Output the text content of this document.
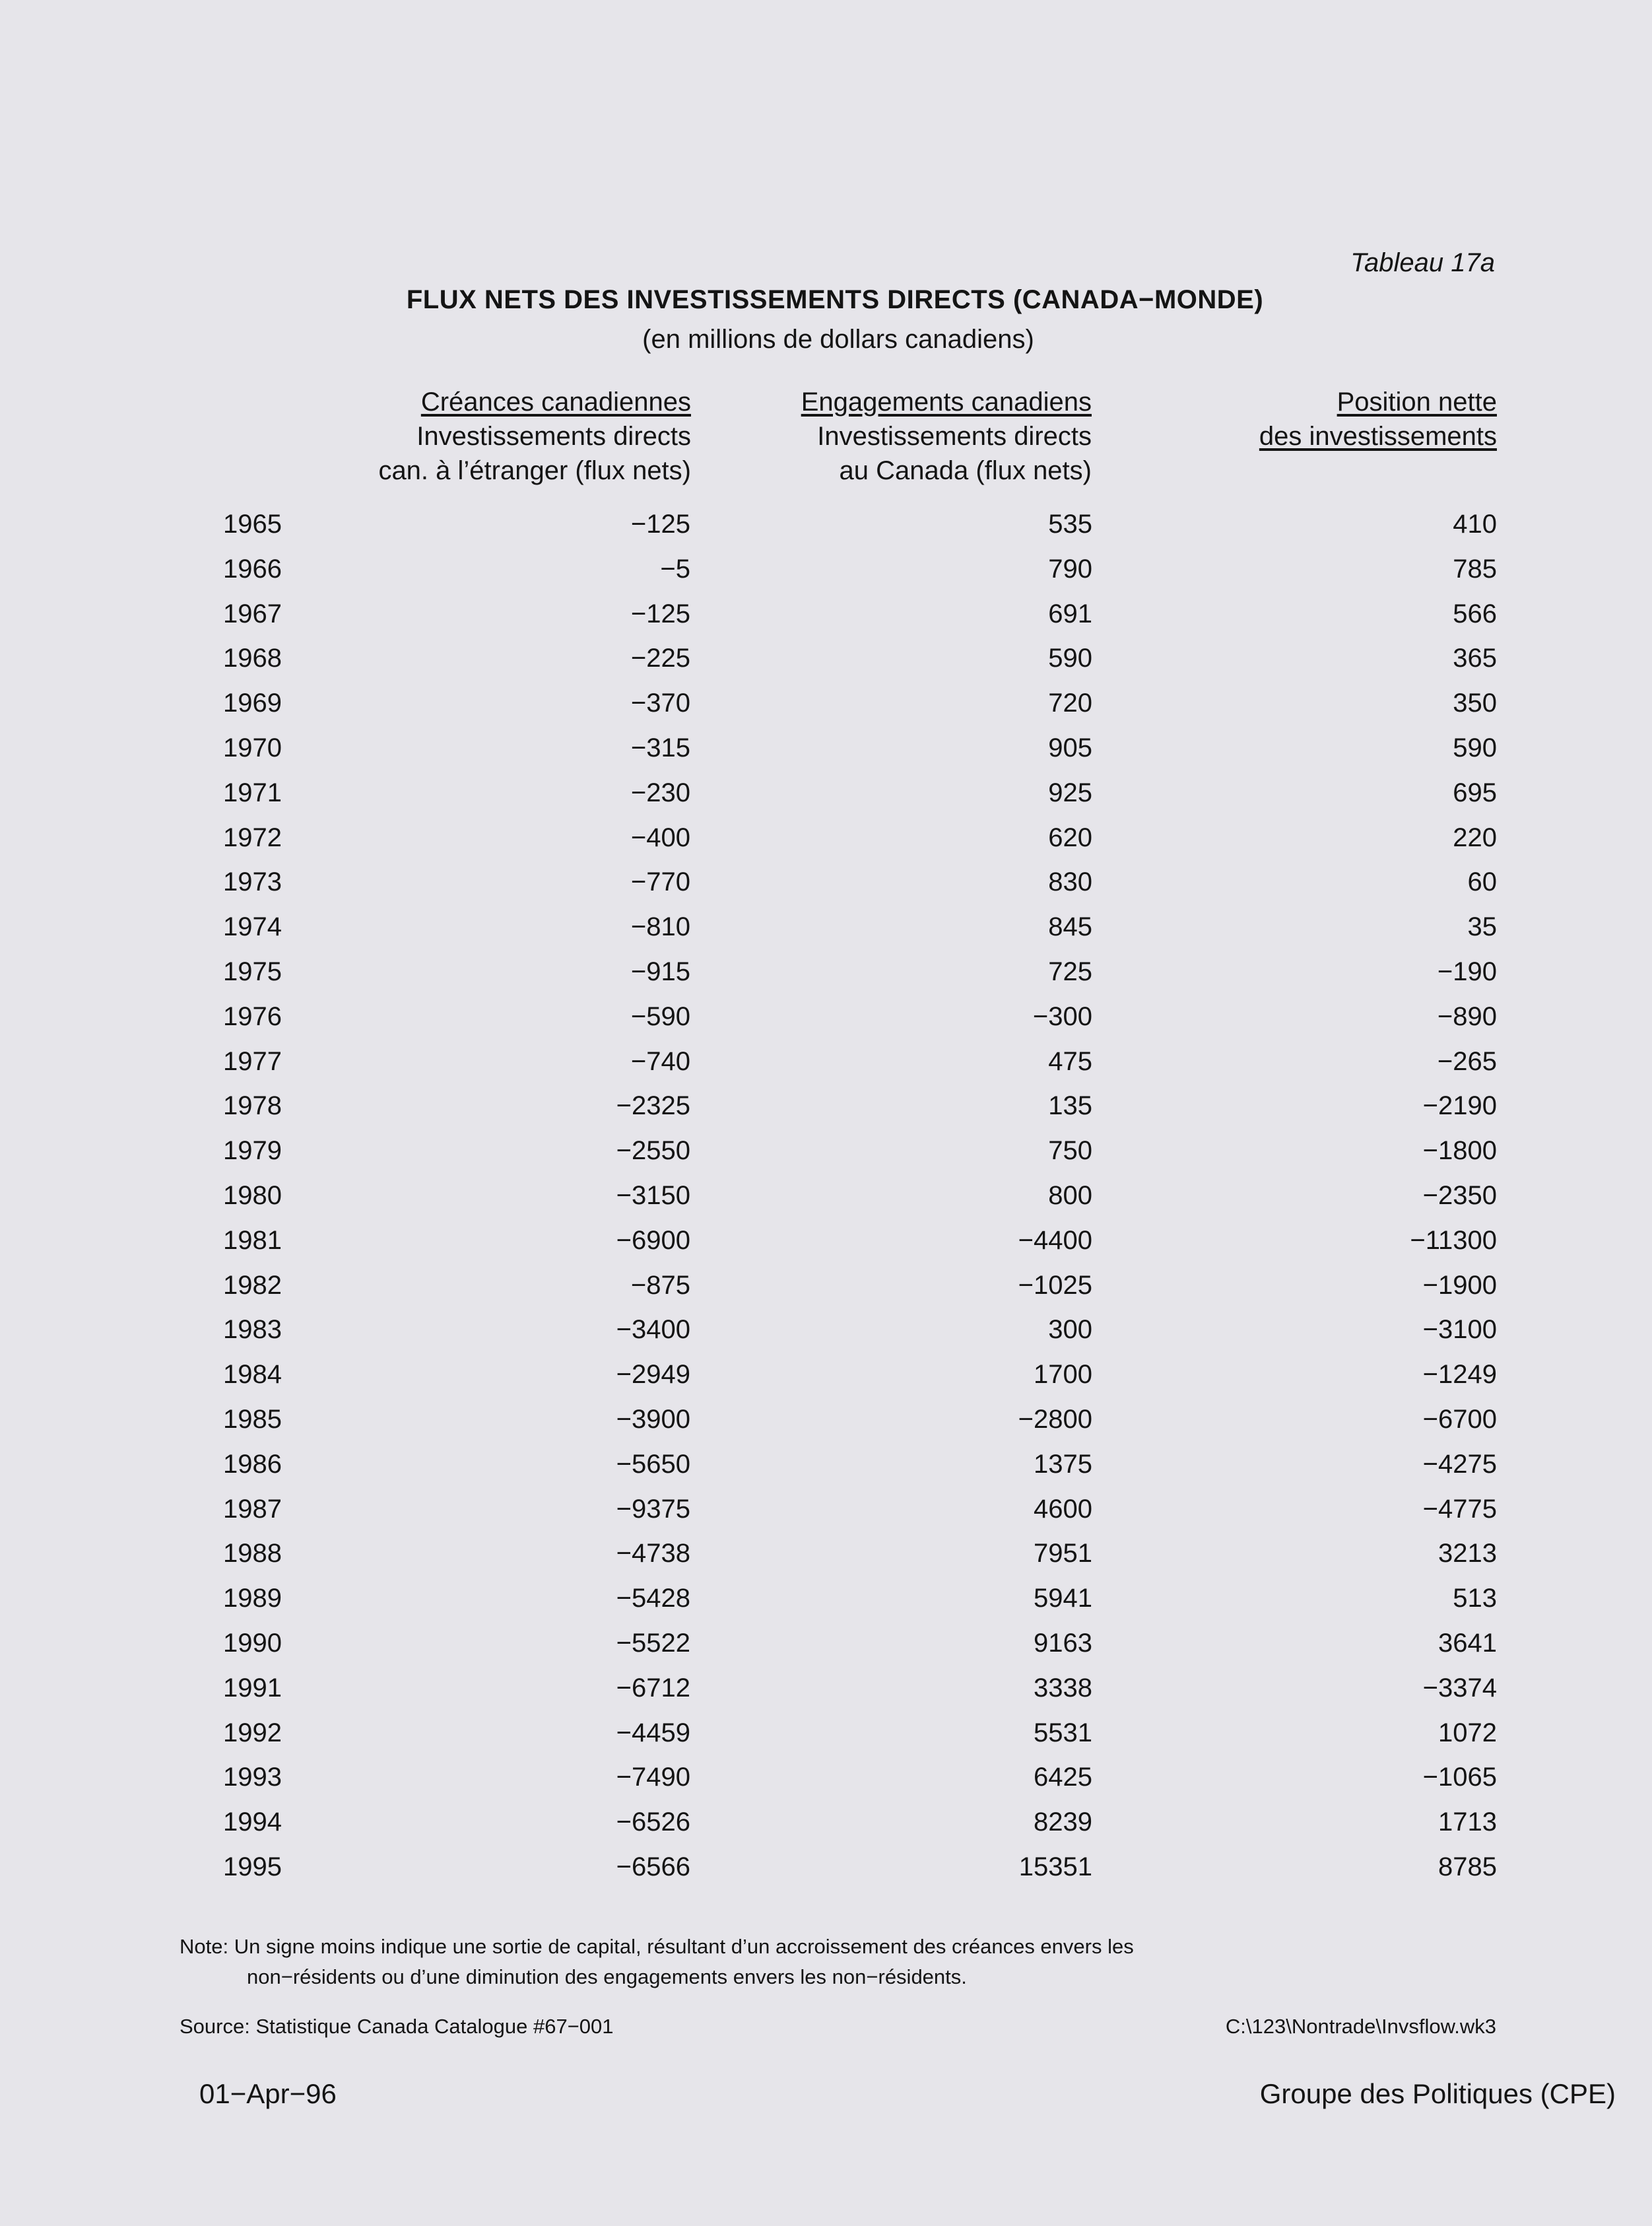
Tableau 17a
FLUX NETS DES INVESTISSEMENTS DIRECTS (CANADA−MONDE)
(en millions de dollars canadiens)
Créances canadiennes
Investissements directs
can. à l’étranger (flux nets)
Engagements canadiens
Investissements directs
au Canada (flux nets)
Position nette
des investissements
1965	−125	535	410
1966	−5	790	785
1967	−125	691	566
1968	−225	590	365
1969	−370	720	350
1970	−315	905	590
1971	−230	925	695
1972	−400	620	220
1973	−770	830	60
1974	−810	845	35
1975	−915	725	−190
1976	−590	−300	−890
1977	−740	475	−265
1978	−2325	135	−2190
1979	−2550	750	−1800
1980	−3150	800	−2350
1981	−6900	−4400	−11300
1982	−875	−1025	−1900
1983	−3400	300	−3100
1984	−2949	1700	−1249
1985	−3900	−2800	−6700
1986	−5650	1375	−4275
1987	−9375	4600	−4775
1988	−4738	7951	3213
1989	−5428	5941	513
1990	−5522	9163	3641
1991	−6712	3338	−3374
1992	−4459	5531	1072
1993	−7490	6425	−1065
1994	−6526	8239	1713
1995	−6566	15351	8785
Note: Un signe moins indique une sortie de capital, résultant d’un accroissement des créances envers les
non−résidents ou d’une diminution des engagements envers les non−résidents.
Source: Statistique Canada Catalogue #67−001	C:\123\Nontrade\Invsflow.wk3
01−Apr−96	Groupe des Politiques (CPE)
